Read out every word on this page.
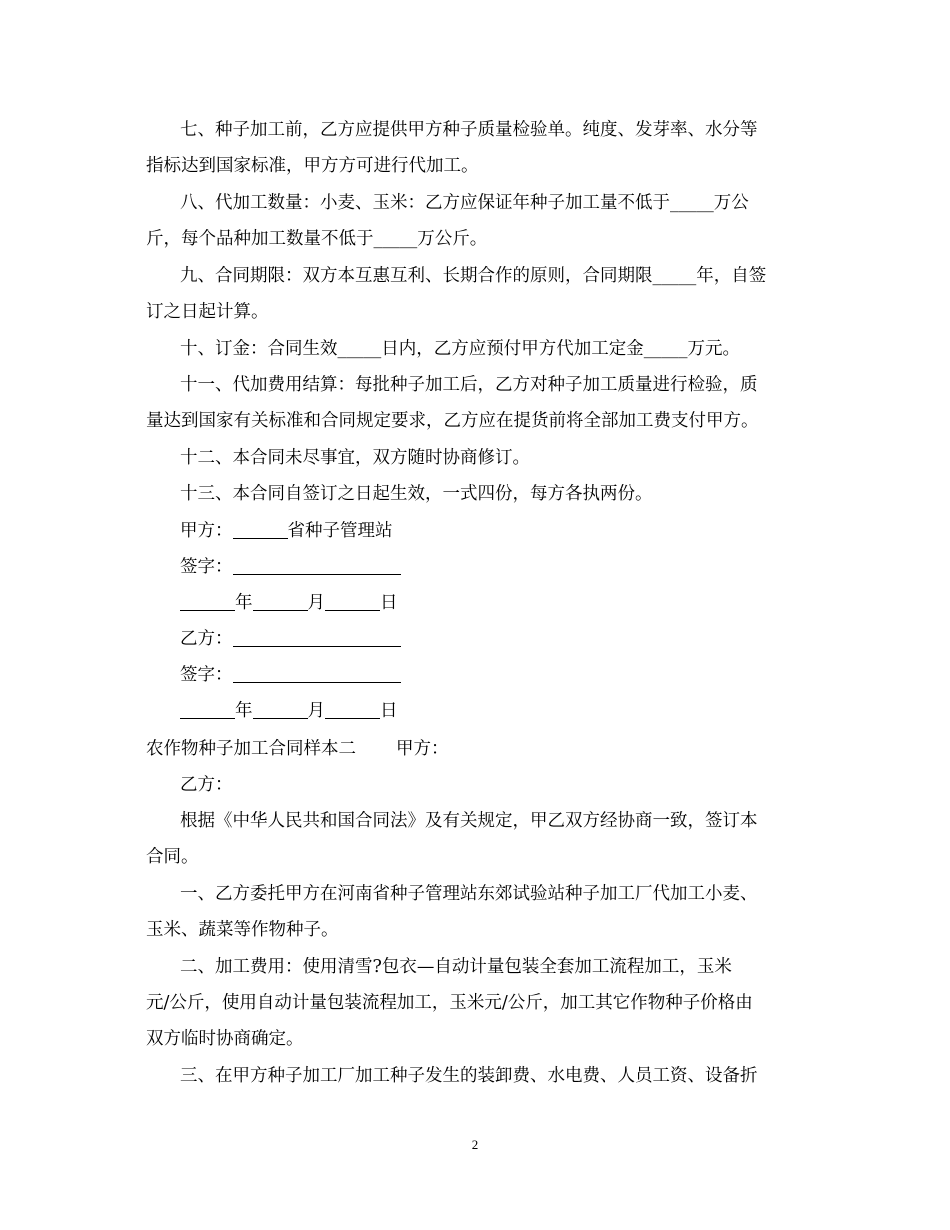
七、种子加工前，乙方应提供甲方种子质量检验单。纯度、发芽率、水分等
指标达到国家标准，甲方方可进行代加工。
八、代加工数量：小麦、玉米：乙方应保证年种子加工量不低于_____万公
斤，每个品种加工数量不低于_____万公斤。
九、合同期限：双方本互惠互利、长期合作的原则，合同期限_____年，自签
订之日起计算。
十、订金：合同生效_____日内，乙方应预付甲方代加工定金_____万元。
十一、代加费用结算：每批种子加工后，乙方对种子加工质量进行检验，质
量达到国家有关标准和合同规定要求，乙方应在提货前将全部加工费支付甲方。
十二、本合同未尽事宜，双方随时协商修订。
十三、本合同自签订之日起生效，一式四份，每方各执两份。
甲方：	省种子管理站
签字：
年	月	日
乙方：
签字：
年	月	日
农作物种子加工合同样本二 甲方：
乙方：
根据《中华人民共和国合同法》及有关规定，甲乙双方经协商一致，签订本
合同。
一、乙方委托甲方在河南省种子管理站东郊试验站种子加工厂代加工小麦、
玉米、蔬菜等作物种子。
二、加工费用：使用清雪?包衣—自动计量包装全套加工流程加工，玉米
元/公斤，使用自动计量包装流程加工，玉米元/公斤，加工其它作物种子价格由
双方临时协商确定。
三、在甲方种子加工厂加工种子发生的装卸费、水电费、人员工资、设备折
2
